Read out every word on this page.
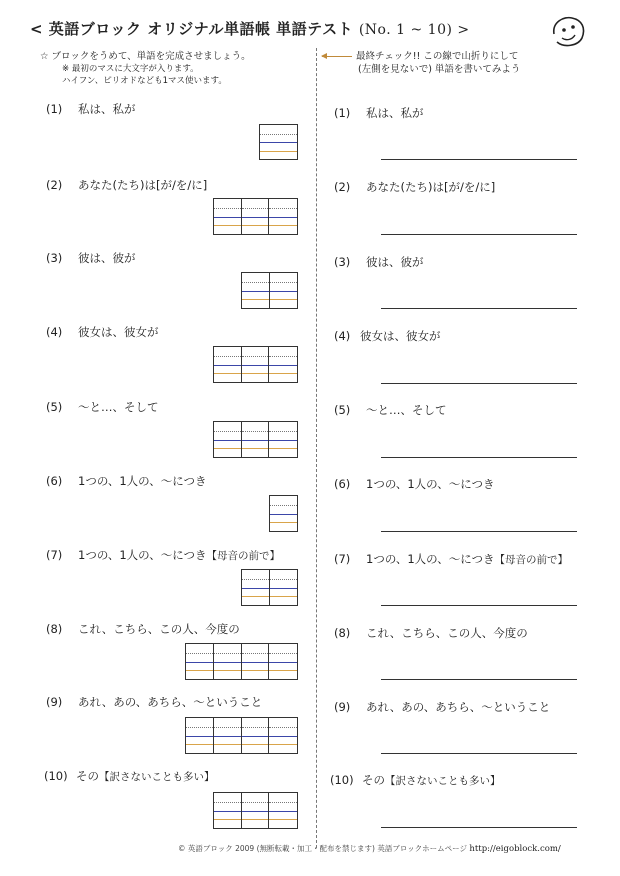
< 英語ブロック オリジナル単語帳 単語テスト (No. 1 ~ 10) >
☆ ブロックをうめて、単語を完成させましょう。
※ 最初のマスに大文字が入ります。
ハイフン、ピリオドなども1マス使います。
最終チェック!! この線で山折りにして
(左側を見ないで) 単語を書いてみよう
(1) 私は、私が
(2) あなた(たち)は[が/を/に]
(3) 彼は、彼が
(4) 彼女は、彼女が
(5) ～と…、そして
(6) 1つの、1人の、～につき
(7) 1つの、1人の、～につき【母音の前で】
(8) これ、こちら、この人、今度の
(9) あれ、あの、あちら、～ということ
(10) その【訳さないことも多い】
(1) 私は、私が
(2) あなた(たち)は[が/を/に]
(3) 彼は、彼が
(4) 彼女は、彼女が
(5) ～と…、そして
(6) 1つの、1人の、～につき
(7) 1つの、1人の、～につき【母音の前で】
(8) これ、こちら、この人、今度の
(9) あれ、あの、あちら、～ということ
(10) その【訳さないことも多い】
© 英語ブロック 2009 (無断転載・加工・配布を禁じます) 英語ブロックホームページ http://eigoblock.com/
